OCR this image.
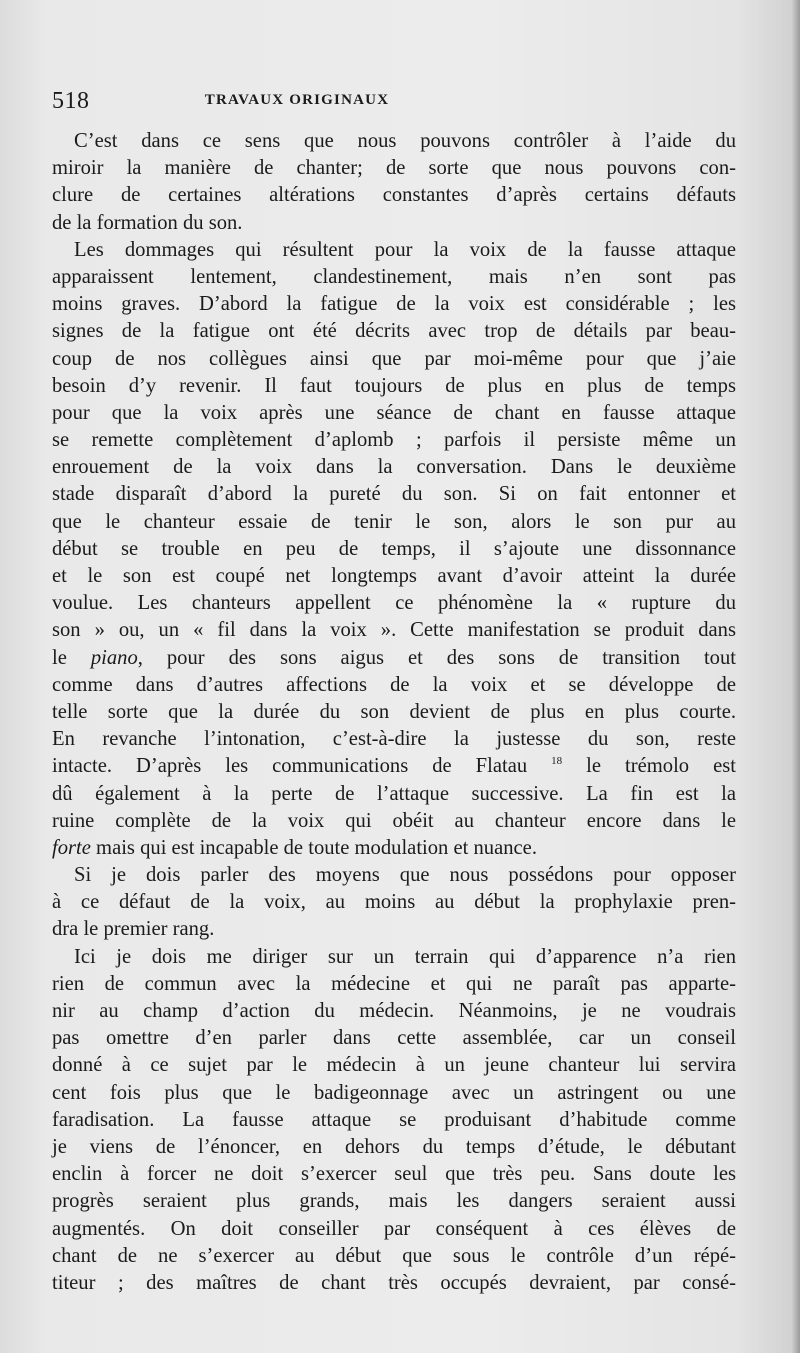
518	TRAVAUX ORIGINAUX
C’est dans ce sens que nous pouvons contrôler à l’aide du
miroir la manière de chanter; de sorte que nous pouvons con-
clure de certaines altérations constantes d’après certains défauts
de la formation du son.
Les dommages qui résultent pour la voix de la fausse attaque
apparaissent lentement, clandestinement, mais n’en sont pas
moins graves. D’abord la fatigue de la voix est considérable ; les
signes de la fatigue ont été décrits avec trop de détails par beau-
coup de nos collègues ainsi que par moi-même pour que j’aie
besoin d’y revenir. Il faut toujours de plus en plus de temps
pour que la voix après une séance de chant en fausse attaque
se remette complètement d’aplomb ; parfois il persiste même un
enrouement de la voix dans la conversation. Dans le deuxième
stade disparaît d’abord la pureté du son. Si on fait entonner et
que le chanteur essaie de tenir le son, alors le son pur au
début se trouble en peu de temps, il s’ajoute une dissonnance
et le son est coupé net longtemps avant d’avoir atteint la durée
voulue. Les chanteurs appellent ce phénomène la « rupture du
son » ou, un « fil dans la voix ». Cette manifestation se produit dans
le piano, pour des sons aigus et des sons de transition tout
comme dans d’autres affections de la voix et se développe de
telle sorte que la durée du son devient de plus en plus courte.
En revanche l’intonation, c’est-à-dire la justesse du son, reste
intacte. D’après les communications de Flatau $^{18}$ le trémolo est
dû également à la perte de l’attaque successive. La fin est la
ruine complète de la voix qui obéit au chanteur encore dans le
forte mais qui est incapable de toute modulation et nuance.
Si je dois parler des moyens que nous possédons pour opposer
à ce défaut de la voix, au moins au début la prophylaxie pren-
dra le premier rang.
Ici je dois me diriger sur un terrain qui d’apparence n’a rien
rien de commun avec la médecine et qui ne paraît pas apparte-
nir au champ d’action du médecin. Néanmoins, je ne voudrais
pas omettre d’en parler dans cette assemblée, car un conseil
donné à ce sujet par le médecin à un jeune chanteur lui servira
cent fois plus que le badigeonnage avec un astringent ou une
faradisation. La fausse attaque se produisant d’habitude comme
je viens de l’énoncer, en dehors du temps d’étude, le débutant
enclin à forcer ne doit s’exercer seul que très peu. Sans doute les
progrès seraient plus grands, mais les dangers seraient aussi
augmentés. On doit conseiller par conséquent à ces élèves de
chant de ne s’exercer au début que sous le contrôle d’un répé-
titeur ; des maîtres de chant très occupés devraient, par consé-
